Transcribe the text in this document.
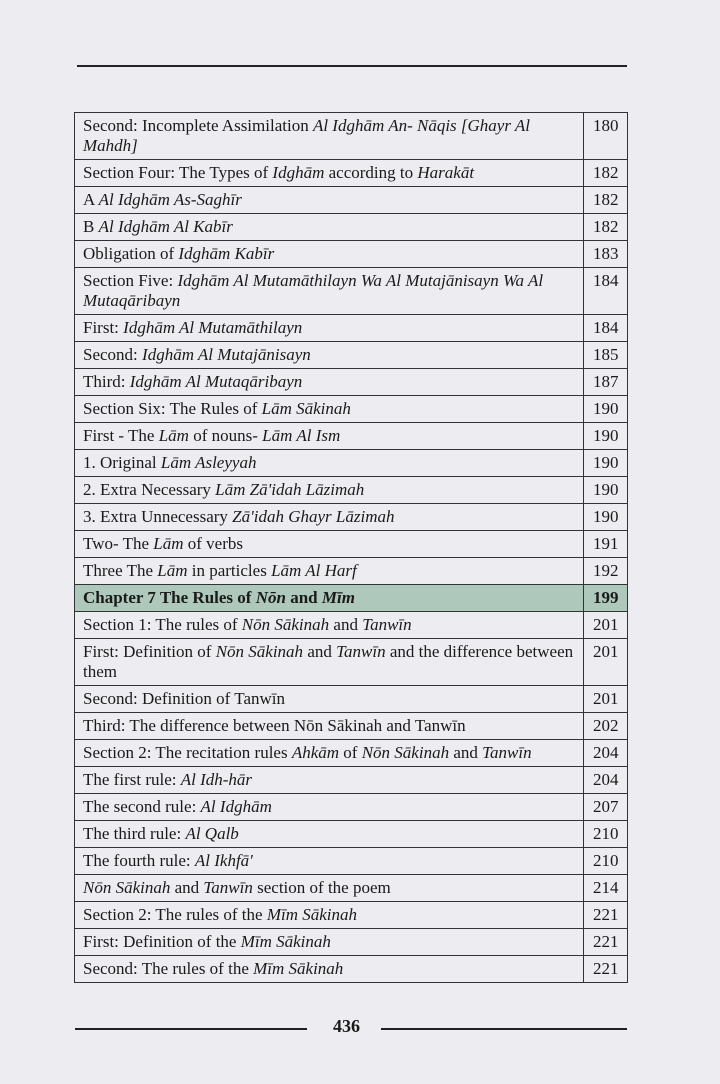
Second: Incomplete Assimilation Al Idghām An- Nāqis [Ghayr Al Mahdh]	180
Section Four: The Types of Idghām according to Harakāt	182
A Al Idghām As-Saghīr	182
B Al Idghām Al Kabīr	182
Obligation of Idghām Kabīr	183
Section Five: Idghām Al Mutamāthilayn Wa Al Mutajānisayn Wa Al Mutaqāribayn	184
First: Idghām Al Mutamāthilayn	184
Second: Idghām Al Mutajānisayn	185
Third: Idghām Al Mutaqāribayn	187
Section Six: The Rules of Lām Sākinah	190
First - The Lām of nouns- Lām Al Ism	190
1. Original Lām Asleyyah	190
2. Extra Necessary Lām Zā'idah Lāzimah	190
3. Extra Unnecessary Zā'idah Ghayr Lāzimah	190
Two- The Lām of verbs	191
Three The Lām in particles Lām Al Harf	192
Chapter 7 The Rules of Nōn and Mīm	199
Section 1: The rules of Nōn Sākinah and Tanwīn	201
First: Definition of Nōn Sākinah and Tanwīn and the difference between them	201
Second: Definition of Tanwīn	201
Third: The difference between Nōn Sākinah and Tanwīn	202
Section 2: The recitation rules Ahkām of Nōn Sākinah and Tanwīn	204
The first rule: Al Idh-hār	204
The second rule: Al Idghām	207
The third rule: Al Qalb	210
The fourth rule: Al Ikhfā'	210
Nōn Sākinah and Tanwīn section of the poem	214
Section 2: The rules of the Mīm Sākinah	221
First: Definition of the Mīm Sākinah	221
Second: The rules of the Mīm Sākinah	221
436
